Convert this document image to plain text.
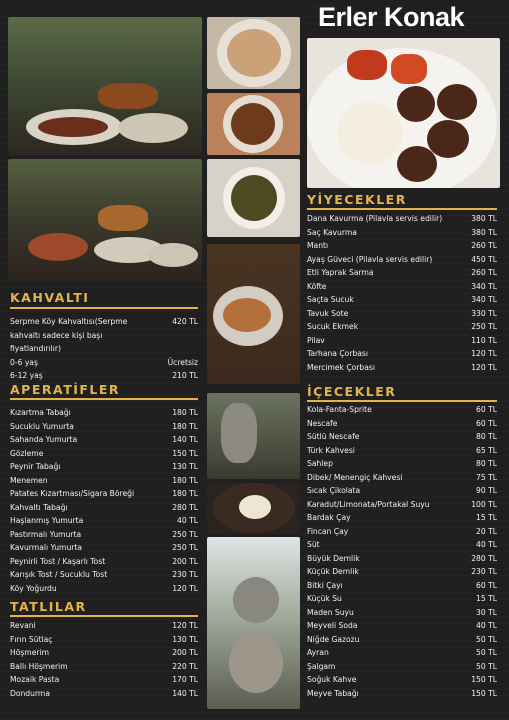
Erler Konak
KAHVALTI
Serpme Köy Kahvaltısı(Serpme	420 TL
kahvaltı sadece kişi başı
fiyatlandırılır)
0-6 yaş	Ücretsiz
6-12 yaş	210 TL
APERATİFLER
Kızartma Tabağı	180 TL
Sucuklu Yumurta	180 TL
Sahanda Yumurta	140 TL
Gözleme	150 TL
Peynir Tabağı	130 TL
Menemen	180 TL
Patates Kızartması/Sigara Böreği	180 TL
Kahvaltı Tabağı	280 TL
Haşlanmış Yumurta	40 TL
Pastırmalı Yumurta	250 TL
Kavurmalı Yumurta	250 TL
Peynirli Tost / Kaşarlı Tost	200 TL
Karışık Tost / Sucuklu Tost	230 TL
Köy Yoğurdu	120 TL
TATLILAR
Revani	120 TL
Fırın Sütlaç	130 TL
Höşmerim	200 TL
Ballı Höşmerim	220 TL
Mozaik Pasta	170 TL
Dondurma	140 TL
YİYECEKLER
Dana Kavurma (Pilavla servis edilir)	380 TL
Saç Kavurma	380 TL
Mantı	260 TL
Ayaş Güveci (Pilavla servis edilir)	450 TL
Etli Yaprak Sarma	260 TL
Köfte	340 TL
Saçta Sucuk	340 TL
Tavuk Sote	330 TL
Sucuk Ekmek	250 TL
Pilav	110 TL
Tarhana Çorbası	120 TL
Mercimek Çorbası	120 TL
İÇECEKLER
Kola-Fanta-Sprite	60 TL
Nescafe	60 TL
Sütlü Nescafe	80 TL
Türk Kahvesi	65 TL
Sahlep	80 TL
Dibek/ Menengiç Kahvesi	75 TL
Sıcak Çikolata	90 TL
Karadut/Limonata/Portakal Suyu	100 TL
Bardak Çay	15 TL
Fincan Çay	20 TL
Süt	40 TL
Büyük Demlik	280 TL
Küçük Demlik	230 TL
Bitki Çayı	60 TL
Küçük Su	15 TL
Maden Suyu	30 TL
Meyveli Soda	40 TL
Niğde Gazozu	50 TL
Ayran	50 TL
Şalgam	50 TL
Soğuk Kahve	150 TL
Meyve Tabağı	150 TL
